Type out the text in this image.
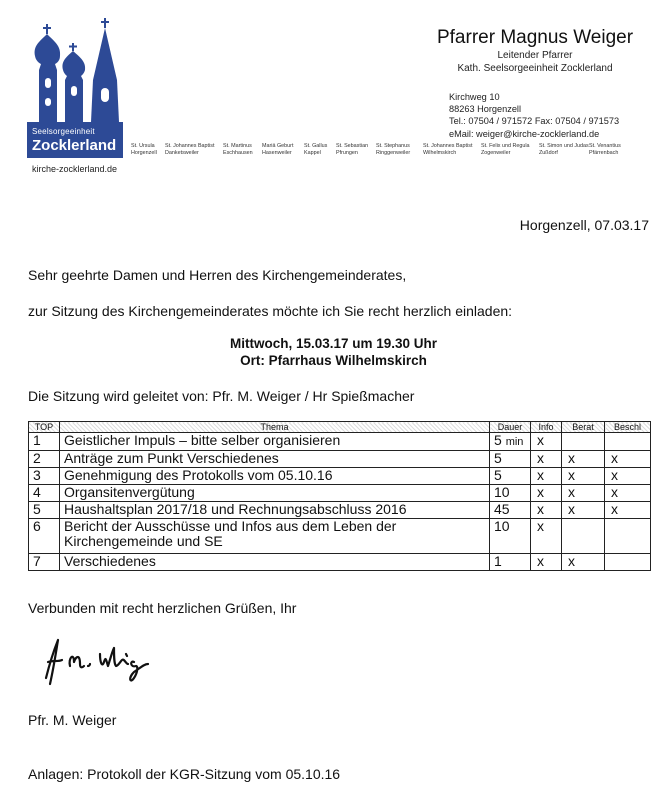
Seelsorgeeinheit
Zocklerland
kirche-zocklerland.de
Pfarrer Magnus Weiger
Leitender Pfarrer
Kath. Seelsorgeeinheit Zocklerland
Kirchweg 10
88263 Horgenzell
Tel.: 07504 / 971572 Fax: 07504 / 971573
eMail: weiger@kirche-zocklerland.de
St. Ursula
Horgenzell
St. Johannes Baptist
Danketsweiler
St. Martinus
Eschhausen
Mariä Geburt
Hasenweiler
St. Gallus
Kappel
St. Sebastian
Pfrungen
St. Stephanus
Ringgenweiler
St. Johannes Baptist
Wilhelmskirch
St. Felix und Regula
Zogenweiler
St. Simon und Judas
Zußdorf
St. Venantius
Pfärrenbach
Horgenzell, 07.03.17
Sehr geehrte Damen und Herren des Kirchengemeinderates,
zur Sitzung des Kirchengemeinderates möchte ich Sie recht herzlich einladen:
Mittwoch, 15.03.17 um 19.30 Uhr
Ort: Pfarrhaus Wilhelmskirch
Die Sitzung wird geleitet von: Pfr. M. Weiger / Hr Spießmacher
TOP	Thema	Dauer	Info	Berat	Beschl
1	Geistlicher Impuls – bitte selber organisieren	5 min	x		
2	Anträge zum Punkt Verschiedenes	5	x	x	x
3	Genehmigung des Protokolls vom 05.10.16	5	x	x	x
4	Organsitenvergütung	10	x	x	x
5	Haushaltsplan 2017/18 und Rechnungsabschluss 2016	45	x	x	x
6	Bericht der Ausschüsse und Infos aus dem Leben der Kirchengemeinde und SE	10	x		
7	Verschiedenes	1	x	x	
Verbunden mit recht herzlichen Grüßen, Ihr
Pfr. M. Weiger
Anlagen: Protokoll der KGR-Sitzung vom 05.10.16
